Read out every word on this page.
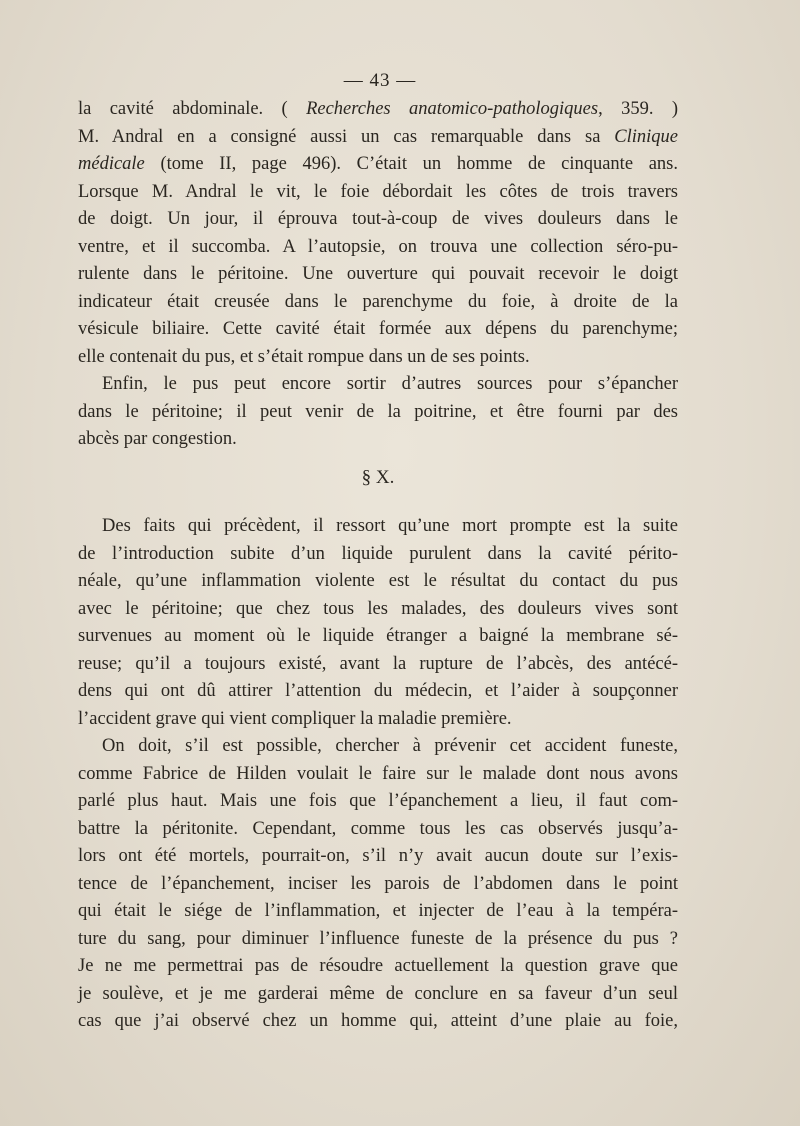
— 43 —
la cavité abdominale. ( Recherches anatomico-pathologiques, 359. )
M. Andral en a consigné aussi un cas remarquable dans sa Clinique
médicale (tome II, page 496). C’était un homme de cinquante ans.
Lorsque M. Andral le vit, le foie débordait les côtes de trois travers
de doigt. Un jour, il éprouva tout-à-coup de vives douleurs dans le
ventre, et il succomba. A l’autopsie, on trouva une collection séro-pu-
rulente dans le péritoine. Une ouverture qui pouvait recevoir le doigt
indicateur était creusée dans le parenchyme du foie, à droite de la
vésicule biliaire. Cette cavité était formée aux dépens du parenchyme;
elle contenait du pus, et s’était rompue dans un de ses points.
Enfin, le pus peut encore sortir d’autres sources pour s’épancher
dans le péritoine; il peut venir de la poitrine, et être fourni par des
abcès par congestion.
§ X.
Des faits qui précèdent, il ressort qu’une mort prompte est la suite
de l’introduction subite d’un liquide purulent dans la cavité périto-
néale, qu’une inflammation violente est le résultat du contact du pus
avec le péritoine; que chez tous les malades, des douleurs vives sont
survenues au moment où le liquide étranger a baigné la membrane sé-
reuse; qu’il a toujours existé, avant la rupture de l’abcès, des antécé-
dens qui ont dû attirer l’attention du médecin, et l’aider à soupçonner
l’accident grave qui vient compliquer la maladie première.
On doit, s’il est possible, chercher à prévenir cet accident funeste,
comme Fabrice de Hilden voulait le faire sur le malade dont nous avons
parlé plus haut. Mais une fois que l’épanchement a lieu, il faut com-
battre la péritonite. Cependant, comme tous les cas observés jusqu’a-
lors ont été mortels, pourrait-on, s’il n’y avait aucun doute sur l’exis-
tence de l’épanchement, inciser les parois de l’abdomen dans le point
qui était le siége de l’inflammation, et injecter de l’eau à la tempéra-
ture du sang, pour diminuer l’influence funeste de la présence du pus ?
Je ne me permettrai pas de résoudre actuellement la question grave que
je soulève, et je me garderai même de conclure en sa faveur d’un seul
cas que j’ai observé chez un homme qui, atteint d’une plaie au foie,
